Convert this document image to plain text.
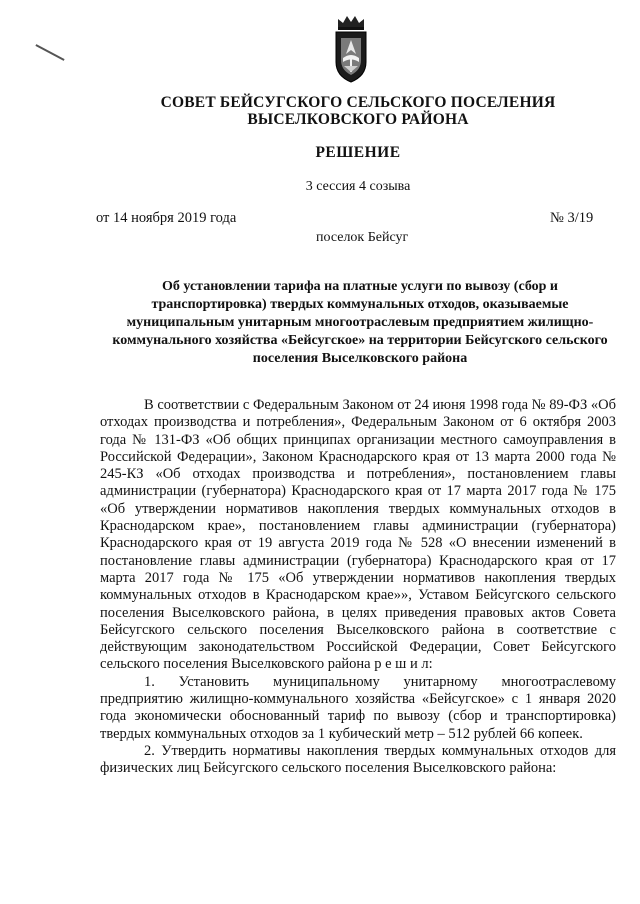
СОВЕТ БЕЙСУГСКОГО СЕЛЬСКОГО ПОСЕЛЕНИЯ
ВЫСЕЛКОВСКОГО РАЙОНА
РЕШЕНИЕ
3 сессия 4 созыва
от 14 ноября 2019 года	№ 3/19
поселок Бейсуг
Об установлении тарифа на платные услуги по вывозу (сбор и транспортировка) твердых коммунальных отходов, оказываемые муниципальным унитарным многоотраслевым предприятием жилищно-коммунального хозяйства «Бейсугское» на территории Бейсугского сельского поселения Выселковского района

В соответствии с Федеральным Законом от 24 июня 1998 года № 89-ФЗ «Об отходах производства и потребления», Федеральным Законом от 6 октября 2003 года № 131-ФЗ «Об общих принципах организации местного самоуправления в Российской Федерации», Законом Краснодарского края от 13 марта 2000 года № 245-КЗ «Об отходах производства и потребления», постановлением главы администрации (губернатора) Краснодарского края от 17 марта 2017 года № 175 «Об утверждении нормативов накопления твердых коммунальных отходов в Краснодарском крае», постановлением главы администрации (губернатора) Краснодарского края от 19 августа 2019 года № 528 «О внесении изменений в постановление главы администрации (губернатора) Краснодарского края от 17 марта 2017 года № 175 «Об утверждении нормативов накопления твердых коммунальных отходов в Краснодарском крае»», Уставом Бейсугского сельского поселения Выселковского района, в целях приведения правовых актов Совета Бейсугского сельского поселения Выселковского района в соответствие с действующим законодательством Российской Федерации, Совет Бейсугского сельского поселения Выселковского района р е ш и л:

1. Установить муниципальному унитарному многоотраслевому предприятию жилищно-коммунального хозяйства «Бейсугское» с 1 января 2020 года экономически обоснованный тариф по вывозу (сбор и транспортировка) твердых коммунальных отходов за 1 кубический метр – 512 рублей 66 копеек.

2. Утвердить нормативы накопления твердых коммунальных отходов для физических лиц Бейсугского сельского поселения Выселковского района:
